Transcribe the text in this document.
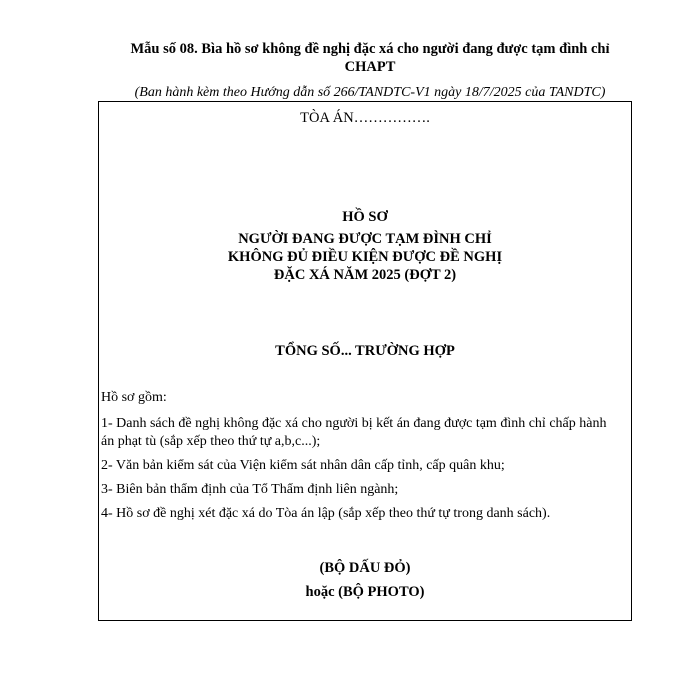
Mẫu số 08. Bìa hồ sơ không đề nghị đặc xá cho người đang được tạm đình chỉ
CHAPT
(Ban hành kèm theo Hướng dẫn số 266/TANDTC-V1 ngày 18/7/2025 của TANDTC)
TÒA ÁN…………….
HỒ SƠ
NGƯỜI ĐANG ĐƯỢC TẠM ĐÌNH CHỈ
KHÔNG ĐỦ ĐIỀU KIỆN ĐƯỢC ĐỀ NGHỊ
ĐẶC XÁ NĂM 2025 (ĐỢT 2)
TỔNG SỐ... TRƯỜNG HỢP

Hồ sơ gồm:

1- Danh sách đề nghị không đặc xá cho người bị kết án đang được tạm đình chỉ chấp hành án phạt tù (sắp xếp theo thứ tự a,b,c...);

2- Văn bản kiểm sát của Viện kiểm sát nhân dân cấp tỉnh, cấp quân khu;

3- Biên bản thẩm định của Tổ Thẩm định liên ngành;

4- Hồ sơ đề nghị xét đặc xá do Tòa án lập (sắp xếp theo thứ tự trong danh sách).

(BỘ DẤU ĐỎ)
hoặc (BỘ PHOTO)
